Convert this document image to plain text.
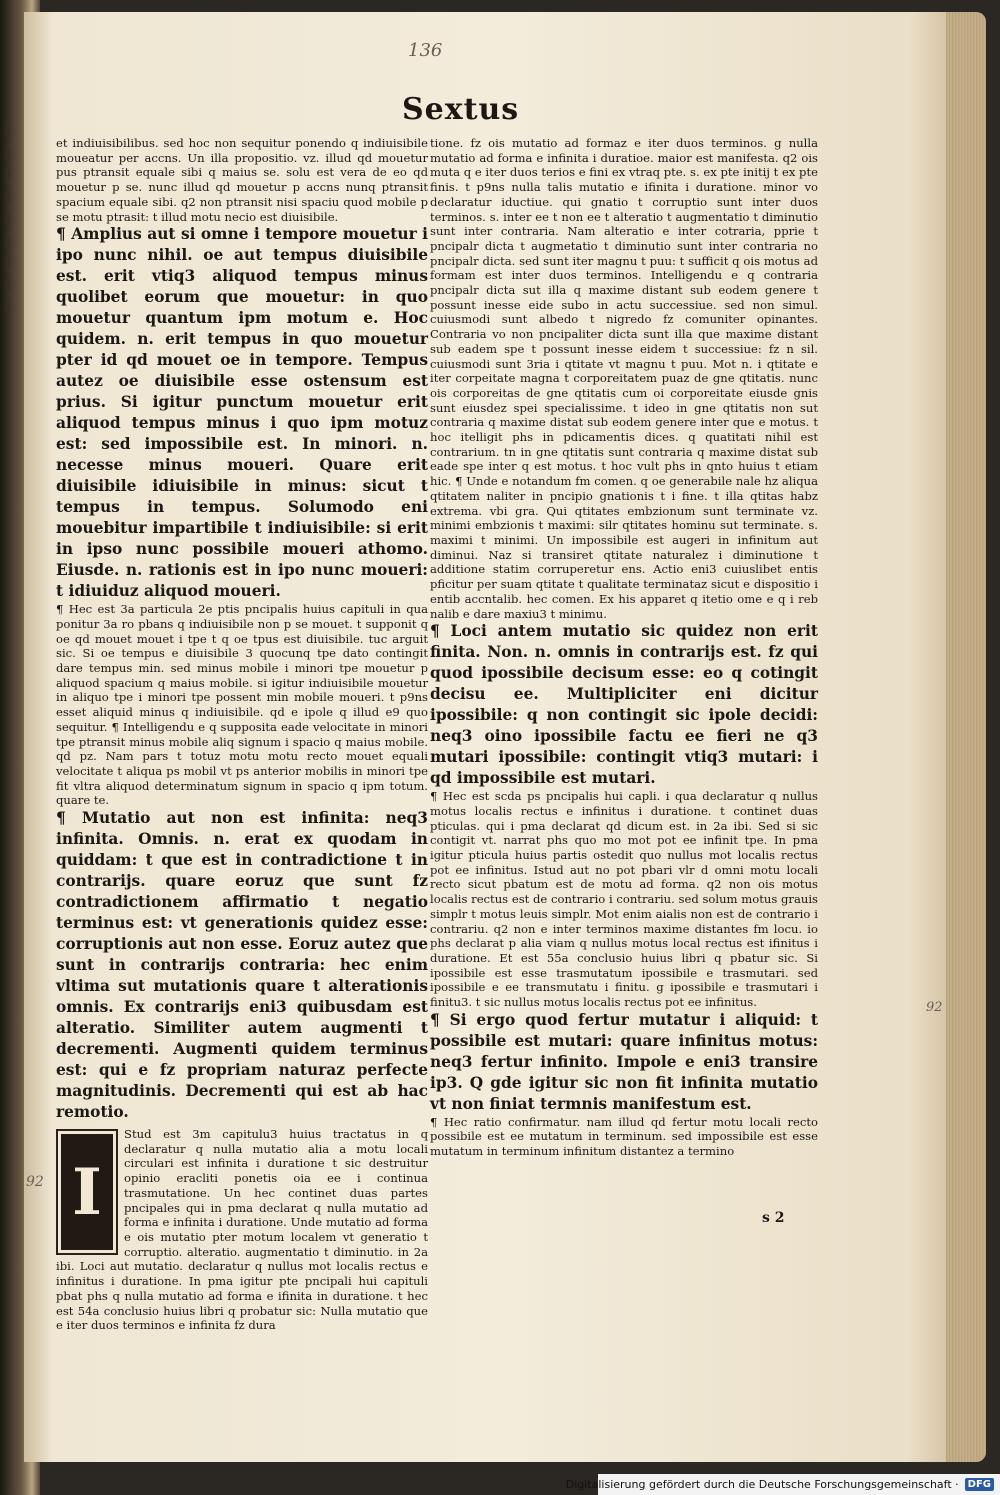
▮
▮
▮
▮
▮
▮
▮
▮
▮
136
Sextus

et indiuisibilibus. sed hoc non sequitur ponendo q indiuisibile moueatur per accns. Un illa propositio. vz. illud qd mouetur pus ptransit equale sibi q maius se. solu est vera de eo qd mouetur p se. nunc illud qd mouetur p accns nunq ptransit spacium equale sibi. q2 non ptransit nisi spaciu quod mobile p se motu ptrasit: t illud motu necio est diuisibile.

¶ Amplius aut si omne i tempore mouetur i ipo nunc nihil. oe aut tempus diuisibile est. erit vtiq3 aliquod tempus minus quolibet eorum que mouetur: in quo mouetur quantum ipm motum e. Hoc quidem. n. erit tempus in quo mouetur pter id qd mouet oe in tempore. Tempus autez oe diuisibile esse ostensum est prius. Si igitur punctum mouetur erit aliquod tempus minus i quo ipm motuz est: sed impossibile est. In minori. n. necesse minus moueri. Quare erit diuisibile idiuisibile in minus: sicut t tempus in tempus. Solumodo eni mouebitur impartibile t indiuisibile: si erit in ipso nunc possibile moueri athomo. Eiusde. n. rationis est in ipo nunc moueri: t idiuiduz aliquod moueri.

¶ Hec est 3a particula 2e ptis pncipalis huius capituli in qua ponitur 3a ro pbans q indiuisibile non p se mouet. t supponit q oe qd mouet mouet i tpe t q oe tpus est diuisibile. tuc arguit sic. Si oe tempus e diuisibile 3 quocunq tpe dato contingit dare tempus min. sed minus mobile i minori tpe mouetur p aliquod spacium q maius mobile. si igitur indiuisibile mouetur in aliquo tpe i minori tpe possent min mobile moueri. t p9ns esset aliquid minus q indiuisibile. qd e ipole q illud e9 quo sequitur. ¶ Intelligendu e q supposita eade velocitate in minori tpe ptransit minus mobile aliq signum i spacio q maius mobile. qd pz. Nam pars t totuz motu motu recto mouet equali velocitate t aliqua ps mobil vt ps anterior mobilis in minori tpe fit vltra aliquod determinatum signum in spacio q ipm totum. quare te.

¶ Mutatio aut non est infinita: neq3 infinita. Omnis. n. erat ex quodam in quiddam: t que est in contradictione t in contrarijs. quare eoruz que sunt fz contradictionem affirmatio t negatio terminus est: vt generationis quidez esse: corruptionis aut non esse. Eoruz autez que sunt in contrarijs contraria: hec enim vltima sut mutationis quare t alterationis omnis. Ex contrarijs eni3 quibusdam est alteratio. Similiter autem augmenti t decrementi. Augmenti quidem terminus est: qui e fz propriam naturaz perfecte magnitudinis. Decrementi qui est ab hac remotio.

I

Stud est 3m capitulu3 huius tractatus in q declaratur q nulla mutatio alia a motu locali circulari est infinita i duratione t sic destruitur opinio eracliti ponetis oia ee i continua trasmutatione. Un hec continet duas partes pncipales qui in pma declarat q nulla mutatio ad forma e infinita i duratione. Unde mutatio ad forma e ois mutatio pter motum localem vt generatio t corruptio. alteratio. augmentatio t diminutio. in 2a ibi. Loci aut mutatio. declaratur q nullus mot localis rectus e infinitus i duratione. In pma igitur pte pncipali hui capituli pbat phs q nulla mutatio ad forma e ifinita in duratione. t hec est 54a conclusio huius libri q probatur sic: Nulla mutatio que e iter duos terminos e infinita fz dura

tione. fz ois mutatio ad formaz e iter duos terminos. g nulla mutatio ad forma e infinita i duratioe. maior est manifesta. q2 ois muta q e iter duos terios e fini ex vtraq pte. s. ex pte initij t ex pte finis. t p9ns nulla talis mutatio e ifinita i duratione. minor vo declaratur iductiue. qui gnatio t corruptio sunt inter duos terminos. s. inter ee t non ee t alteratio t augmentatio t diminutio sunt inter contraria. Nam alteratio e inter cotraria, pprie t pncipalr dicta t augmetatio t diminutio sunt inter contraria no pncipalr dicta. sed sunt iter magnu t puu: t sufficit q ois motus ad formam est inter duos terminos. Intelligendu e q contraria pncipalr dicta sut illa q maxime distant sub eodem genere t possunt inesse eide subo in actu successiue. sed non simul. cuiusmodi sunt albedo t nigredo fz comuniter opinantes. Contraria vo non pncipaliter dicta sunt illa que maxime distant sub eadem spe t possunt inesse eidem t successiue: fz n sil. cuiusmodi sunt 3ria i qtitate vt magnu t puu. Mot n. i qtitate e iter corpeitate magna t corporeitatem puaz de gne qtitatis. nunc ois corporeitas de gne qtitatis cum oi corporeitate eiusde gnis sunt eiusdez spei specialissime. t ideo in gne qtitatis non sut contraria q maxime distat sub eodem genere inter que e motus. t hoc itelligit phs in pdicamentis dices. q quatitati nihil est contrarium. tn in gne qtitatis sunt contraria q maxime distat sub eade spe inter q est motus. t hoc vult phs in qnto huius t etiam hic. ¶ Unde e notandum fm comen. q oe generabile nale hz aliqua qtitatem naliter in pncipio gnationis t i fine. t illa qtitas habz extrema. vbi gra. Qui qtitates embzionum sunt terminate vz. minimi embzionis t maximi: silr qtitates hominu sut terminate. s. maximi t minimi. Un impossibile est augeri in infinitum aut diminui. Naz si transiret qtitate naturalez i diminutione t additione statim corruperetur ens. Actio eni3 cuiuslibet entis pficitur per suam qtitate t qualitate terminataz sicut e dispositio i entib accntalib. hec comen. Ex his apparet q itetio ome e q i reb nalib e dare maxiu3 t minimu.

¶ Loci antem mutatio sic quidez non erit finita. Non. n. omnis in contrarijs est. fz qui quod ipossibile decisum esse: eo q cotingit decisu ee. Multipliciter eni dicitur ipossibile: q non contingit sic ipole decidi: neq3 oino ipossibile factu ee fieri ne q3 mutari ipossibile: contingit vtiq3 mutari: i qd impossibile est mutari.

¶ Hec est scda ps pncipalis hui capli. i qua declaratur q nullus motus localis rectus e infinitus i duratione. t continet duas pticulas. qui i pma declarat qd dicum est. in 2a ibi. Sed si sic contigit vt. narrat phs quo mo mot pot ee infinit tpe. In pma igitur pticula huius partis ostedit quo nullus mot localis rectus pot ee infinitus. Istud aut no pot pbari vlr d omni motu locali recto sicut pbatum est de motu ad forma. q2 non ois motus localis rectus est de contrario i contrariu. sed solum motus grauis simplr t motus leuis simplr. Mot enim aialis non est de contrario i contrariu. q2 non e inter terminos maxime distantes fm locu. io phs declarat p alia viam q nullus motus local rectus est ifinitus i duratione. Et est 55a conclusio huius libri q pbatur sic. Si ipossibile est esse trasmutatum ipossibile e trasmutari. sed ipossibile e ee transmutatu i finitu. g ipossibile e trasmutari i finitu3. t sic nullus motus localis rectus pot ee infinitus.

¶ Si ergo quod fertur mutatur i aliquid: t possibile est mutari: quare infinitus motus: neq3 fertur infinito. Impole e eni3 transire ip3. Q gde igitur sic non fit infinita mutatio vt non finiat termnis manifestum est.

¶ Hec ratio confirmatur. nam illud qd fertur motu locali recto possibile est ee mutatum in terminum. sed impossibile est esse mutatum in terminum infinitum distantez a termino

92
92
s 2
Digitalisierung gefördert durch die Deutsche Forschungsgemeinschaft · DFG
